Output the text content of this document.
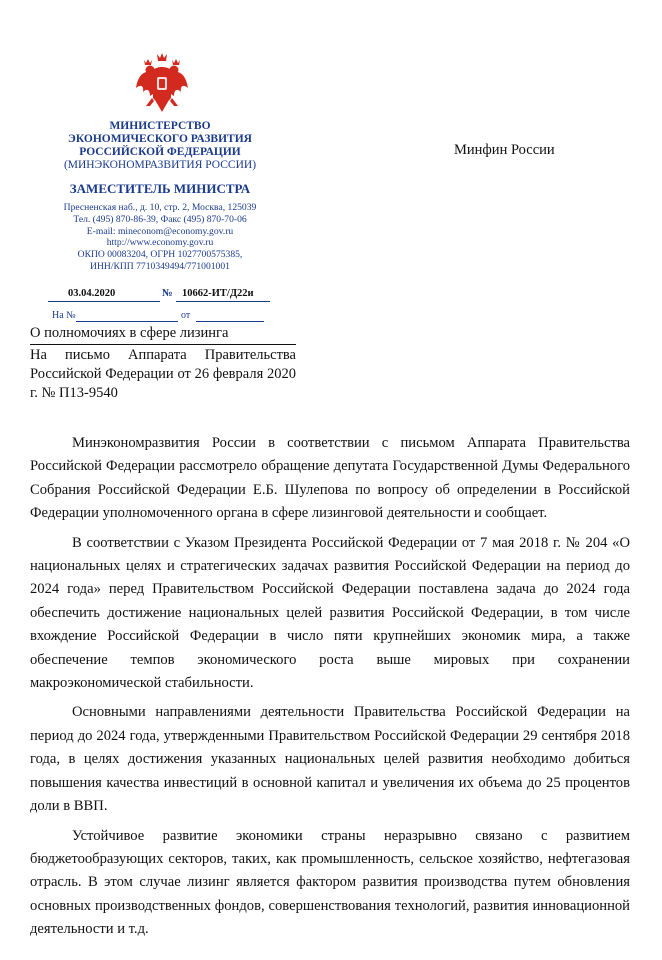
МИНИСТЕРСТВО
ЭКОНОМИЧЕСКОГО РАЗВИТИЯ
РОССИЙСКОЙ ФЕДЕРАЦИИ
(МИНЭКОНОМРАЗВИТИЯ РОССИИ)
ЗАМЕСТИТЕЛЬ МИНИСТРА
Пресненская наб., д. 10, стр. 2, Москва, 125039
Тел. (495) 870-86-39, Факс (495) 870-70-06
E-mail: mineconom@economy.gov.ru
http://www.economy.gov.ru
ОКПО 00083204, ОГРН 1027700575385,
ИНН/КПП 7710349494/771001001
03.04.2020	№ 10662-ИТ/Д22и
На №	от
Минфин России
О полномочиях в сфере лизинга
На письмо Аппарата Правительства Российской Федерации от 26 февраля 2020 г. № П13-9540

Минэкономразвития России в соответствии с письмом Аппарата Правительства Российской Федерации рассмотрело обращение депутата Государственной Думы Федерального Собрания Российской Федерации Е.Б. Шулепова по вопросу об определении в Российской Федерации уполномоченного органа в сфере лизинговой деятельности и сообщает.

В соответствии с Указом Президента Российской Федерации от 7 мая 2018 г. № 204 «О национальных целях и стратегических задачах развития Российской Федерации на период до 2024 года» перед Правительством Российской Федерации поставлена задача до 2024 года обеспечить достижение национальных целей развития Российской Федерации, в том числе вхождение Российской Федерации в число пяти крупнейших экономик мира, а также обеспечение темпов экономического роста выше мировых при сохранении макроэкономической стабильности.

Основными направлениями деятельности Правительства Российской Федерации на период до 2024 года, утвержденными Правительством Российской Федерации 29 сентября 2018 года, в целях достижения указанных национальных целей развития необходимо добиться повышения качества инвестиций в основной капитал и увеличения их объема до 25 процентов доли в ВВП.

Устойчивое развитие экономики страны неразрывно связано с развитием бюджетообразующих секторов, таких, как промышленность, сельское хозяйство, нефтегазовая отрасль. В этом случае лизинг является фактором развития производства путем обновления основных производственных фондов, совершенствования технологий, развития инновационной деятельности и т.д.
